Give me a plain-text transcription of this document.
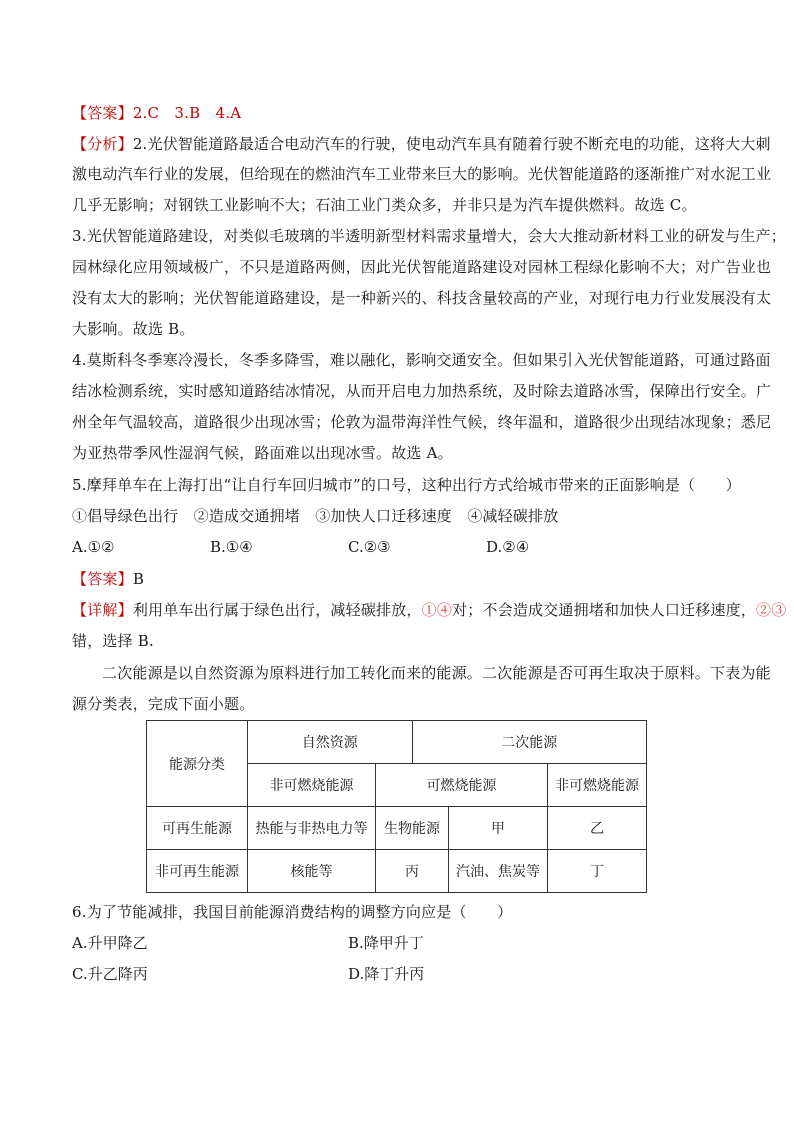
【答案】2.C　3.B　4.A
【分析】2.光伏智能道路最适合电动汽车的行驶，使电动汽车具有随着行驶不断充电的功能，这将大大刺
激电动汽车行业的发展，但给现在的燃油汽车工业带来巨大的影响。光伏智能道路的逐渐推广对水泥工业
几乎无影响；对钢铁工业影响不大；石油工业门类众多，并非只是为汽车提供燃料。故选 C。
3.光伏智能道路建设，对类似毛玻璃的半透明新型材料需求量增大，会大大推动新材料工业的研发与生产；
园林绿化应用领域极广，不只是道路两侧，因此光伏智能道路建设对园林工程绿化影响不大；对广告业也
没有太大的影响；光伏智能道路建设，是一种新兴的、科技含量较高的产业，对现行电力行业发展没有太
大影响。故选 B。
4.莫斯科冬季寒冷漫长，冬季多降雪，难以融化，影响交通安全。但如果引入光伏智能道路，可通过路面
结冰检测系统，实时感知道路结冰情况，从而开启电力加热系统，及时除去道路冰雪，保障出行安全。广
州全年气温较高，道路很少出现冰雪；伦敦为温带海洋性气候，终年温和，道路很少出现结冰现象；悉尼
为亚热带季风性湿润气候，路面难以出现冰雪。故选 A。
5.摩拜单车在上海打出“让自行车回归城市”的口号，这种出行方式给城市带来的正面影响是（　　）
①倡导绿色出行　②造成交通拥堵　③加快人口迁移速度　④减轻碳排放
A.①②	B.①④	C.②③	D.②④
【答案】B
【详解】利用单车出行属于绿色出行，减轻碳排放，①④对；不会造成交通拥堵和加快人口迁移速度，②③
错，选择 B.
二次能源是以自然资源为原料进行加工转化而来的能源。二次能源是否可再生取决于原料。下表为能
源分类表，完成下面小题。
能源分类	自然资源		二次能源		
	非可燃烧能源	可燃烧能源			非可燃烧能源
可再生能源	热能与非热电力等	生物能源		甲	乙
非可再生能源	核能等	丙		汽油、焦炭等	丁
6.为了节能减排，我国目前能源消费结构的调整方向应是（　　）
A.升甲降乙	B.降甲升丁
C.升乙降丙	D.降丁升丙
